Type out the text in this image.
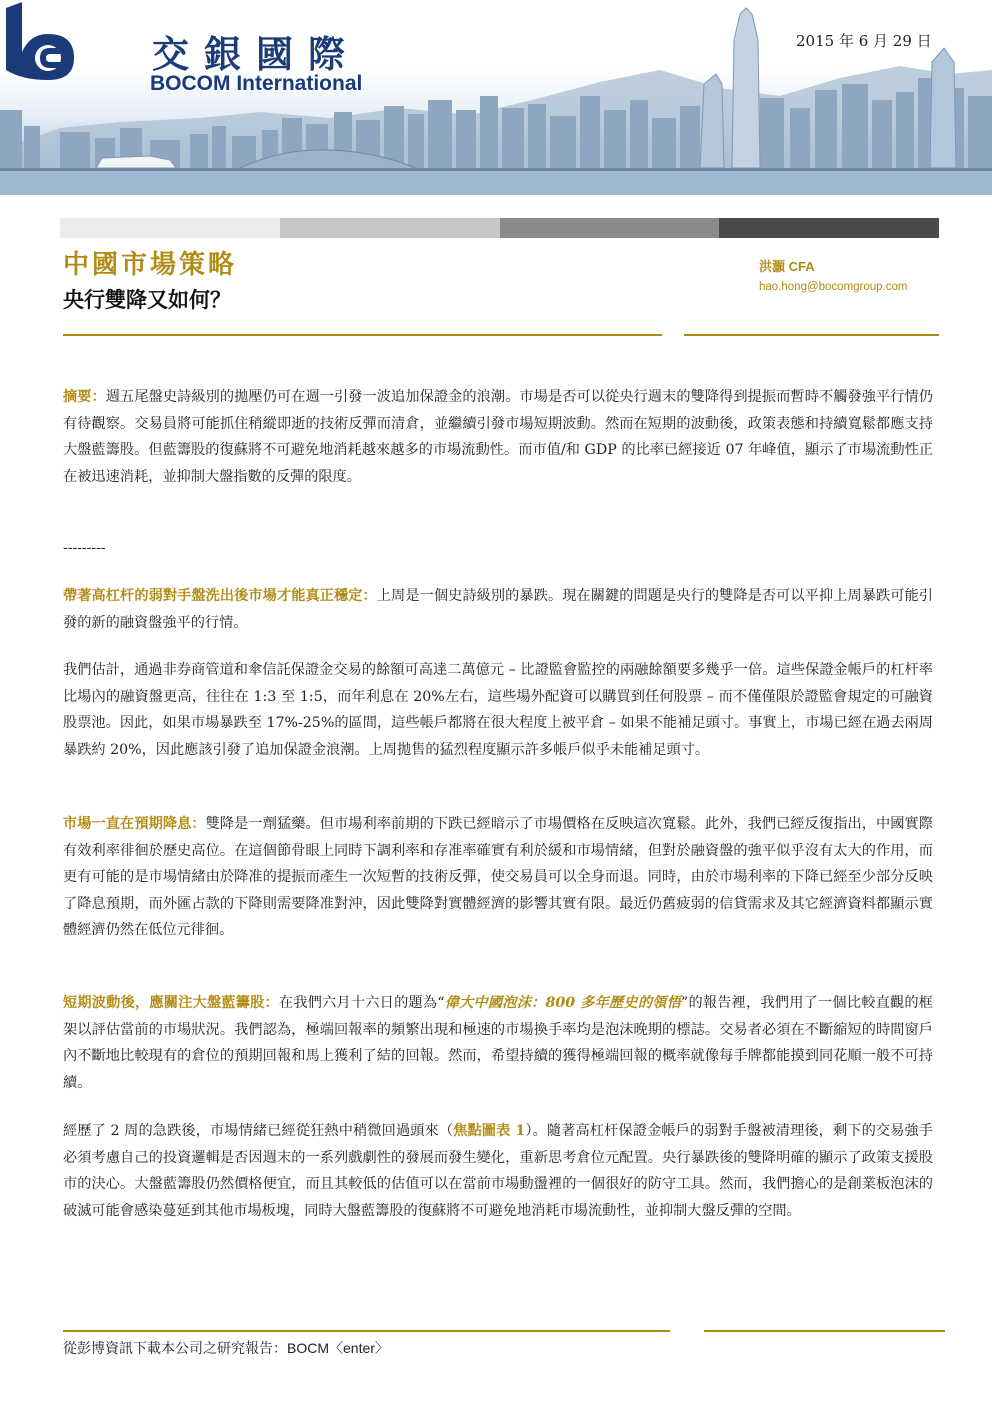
交銀國際
BOCOM International
2015 年 6 月 29 日
中國市場策略
央行雙降又如何？
洪灝 CFA
hao.hong@bocomgroup.com
摘要：週五尾盤史詩級別的拋壓仍可在週一引發一波追加保證金的浪潮。市場是否可以從央行週末的雙降得到提振而暫時不觸發強平行情仍有待觀察。交易員將可能抓住稍縱即逝的技術反彈而清倉，並繼續引發市場短期波動。然而在短期的波動後，政策表態和持續寬鬆都應支持大盤藍籌股。但藍籌股的復蘇將不可避免地消耗越來越多的市場流動性。而市值/和 GDP 的比率已經接近 07 年峰值，顯示了市場流動性正在被迅速消耗，並抑制大盤指數的反彈的限度。
---------
帶著高杠杆的弱對手盤洗出後市場才能真正穩定：上周是一個史詩級別的暴跌。現在關鍵的問題是央行的雙降是否可以平抑上周暴跌可能引發的新的融資盤強平的行情。
我們估計，通過非券商管道和傘信託保證金交易的餘額可高達二萬億元 – 比證監會監控的兩融餘額要多幾乎一倍。這些保證金帳戶的杠杆率比場內的融資盤更高，往往在 1:3 至 1:5，而年利息在 20%左右，這些場外配資可以購買到任何股票 – 而不僅僅限於證監會規定的可融資股票池。因此，如果市場暴跌至 17%-25%的區間，這些帳戶都將在很大程度上被平倉 – 如果不能補足頭寸。事實上，市場已經在過去兩周暴跌約 20%，因此應該引發了追加保證金浪潮。上周拋售的猛烈程度顯示許多帳戶似乎未能補足頭寸。
市場一直在預期降息：雙降是一劑猛藥。但市場利率前期的下跌已經暗示了市場價格在反映這次寬鬆。此外，我們已經反復指出，中國實際有效利率徘徊於歷史高位。在這個節骨眼上同時下調利率和存准率確實有利於緩和市場情緒，但對於融資盤的強平似乎沒有太大的作用，而更有可能的是市場情緒由於降准的提振而產生一次短暫的技術反彈，使交易員可以全身而退。同時，由於市場利率的下降已經至少部分反映了降息預期，而外匯占款的下降則需要降准對沖，因此雙降對實體經濟的影響其實有限。最近仍舊疲弱的信貸需求及其它經濟資料都顯示實體經濟仍然在低位元徘徊。
短期波動後，應關注大盤藍籌股：在我們六月十六日的題為“偉大中國泡沫：800 多年歷史的領悟”的報告裡，我們用了一個比較直觀的框架以評估當前的市場狀況。我們認為，極端回報率的頻繁出現和極速的市場換手率均是泡沫晚期的標誌。交易者必須在不斷縮短的時間窗戶內不斷地比較現有的倉位的預期回報和馬上獲利了結的回報。然而，希望持續的獲得極端回報的概率就像每手牌都能摸到同花順一般不可持續。
經歷了 2 周的急跌後，市場情緒已經從狂熱中稍微回過頭來（焦點圖表 1）。隨著高杠杆保證金帳戶的弱對手盤被清理後，剩下的交易強手必須考慮自己的投資邏輯是否因週末的一系列戲劇性的發展而發生變化，重新思考倉位元配置。央行暴跌後的雙降明確的顯示了政策支援股市的決心。大盤藍籌股仍然價格便宜，而且其較低的估值可以在當前市場動盪裡的一個很好的防守工具。然而，我們擔心的是創業板泡沫的破滅可能會感染蔓延到其他市場板塊，同時大盤藍籌股的復蘇將不可避免地消耗市場流動性，並抑制大盤反彈的空間。
從彭博資訊下載本公司之研究報告：BOCM〈enter〉
